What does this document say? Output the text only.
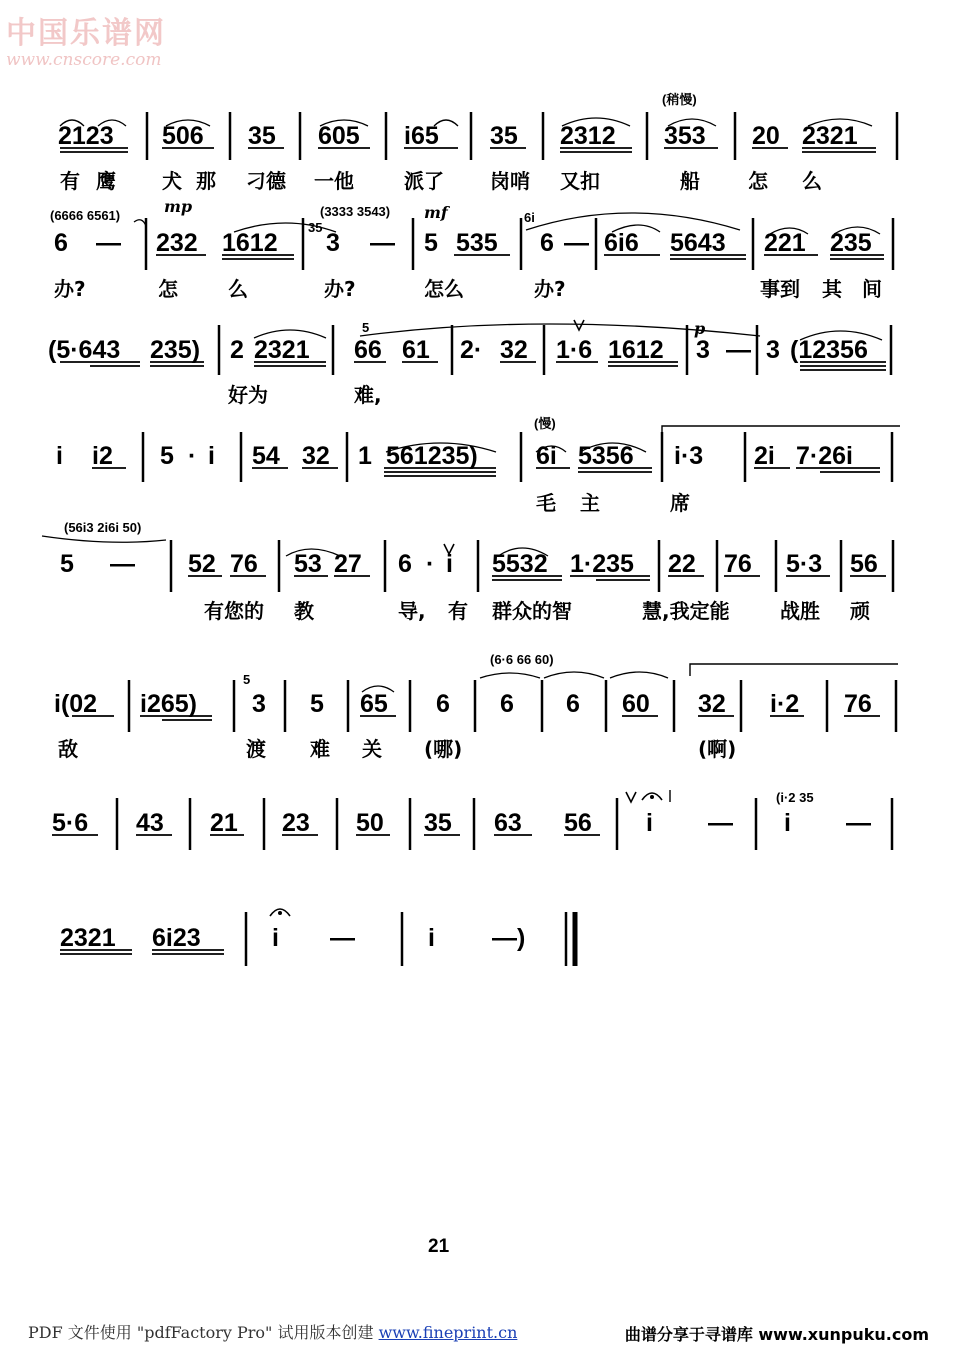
中国乐谱网
www.cnscore.com
2123 506 35 605 i65 35 2312 353 20 2321
6 — 232 1612 3 — 5 535 6 — 6i6 5643 221 235
(5·643 235) 2 2321 66 61 2· 32 1·6 1612 3 — 3 (12356
i i2 5 · i 54 32 1 561235) 6i 5356 i·3 2i 7·26i
5 — 52 76 53 27 6 · i 5532 1·235 22 76 5·3 56
i(02 i265) 3 5 65 6 6 6 60 32 i·2 76
5·6 43 21 23 50 35 63 56 i — i —
2321 6i23	i —	i —)
有 鹰 犬 那 刁德 一他	派了 岗哨 又扣	船 怎 么
办?	怎	么	办?	怎么	办?	事到 其 间
好为	难,
毛 主	席
有您的 教	导, 有 群众的智	慧,我定能	战胜 顽
敌	渡 难 关 (哪)	(啊)
(稍慢)
(慢)
mp	mf
p
(6666 6561)	(3333 3543)
(56i3 2i6i 50)
(6·6 66 60)
(i·2 35
6i
35
5
5
21
PDF 文件使用 "pdfFactory Pro" 试用版本创建 www.fineprint.cn	曲谱分享于寻谱库 www.xunpuku.com
